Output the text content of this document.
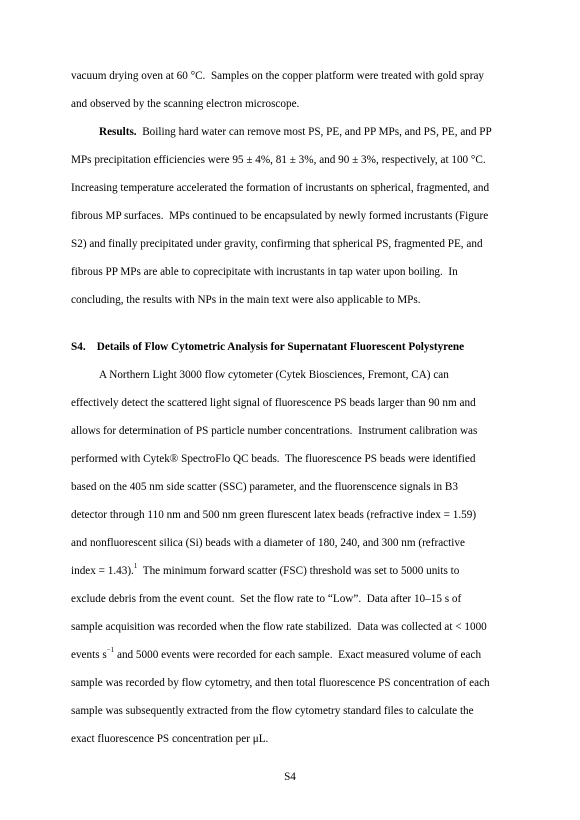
vacuum drying oven at 60 °C.  Samples on the copper platform were treated with gold spray
and observed by the scanning electron microscope.
Results.  Boiling hard water can remove most PS, PE, and PP MPs, and PS, PE, and PP
MPs precipitation efficiencies were 95 ± 4%, 81 ± 3%, and 90 ± 3%, respectively, at 100 °C.
Increasing temperature accelerated the formation of incrustants on spherical, fragmented, and
fibrous MP surfaces.  MPs continued to be encapsulated by newly formed incrustants (Figure
S2) and finally precipitated under gravity, confirming that spherical PS, fragmented PE, and
fibrous PP MPs are able to coprecipitate with incrustants in tap water upon boiling.  In
concluding, the results with NPs in the main text were also applicable to MPs.
S4.    Details of Flow Cytometric Analysis for Supernatant Fluorescent Polystyrene
A Northern Light 3000 flow cytometer (Cytek Biosciences, Fremont, CA) can
effectively detect the scattered light signal of fluorescence PS beads larger than 90 nm and
allows for determination of PS particle number concentrations.  Instrument calibration was
performed with Cytek® SpectroFlo QC beads.  The fluorescence PS beads were identified
based on the 405 nm side scatter (SSC) parameter, and the fluorenscence signals in B3
detector through 110 nm and 500 nm green flurescent latex beads (refractive index = 1.59)
and nonfluorescent silica (Si) beads with a diameter of 180, 240, and 300 nm (refractive
index = 1.43).$^1$  The minimum forward scatter (FSC) threshold was set to 5000 units to
exclude debris from the event count.  Set the flow rate to “Low”.  Data after 10–15 s of
sample acquisition was recorded when the flow rate stabilized.  Data was collected at < 1000
events $s^{-1}$ and 5000 events were recorded for each sample.  Exact measured volume of each
sample was recorded by flow cytometry, and then total fluorescence PS concentration of each
sample was subsequently extracted from the flow cytometry standard files to calculate the
exact fluorescence PS concentration per μL.
S4
